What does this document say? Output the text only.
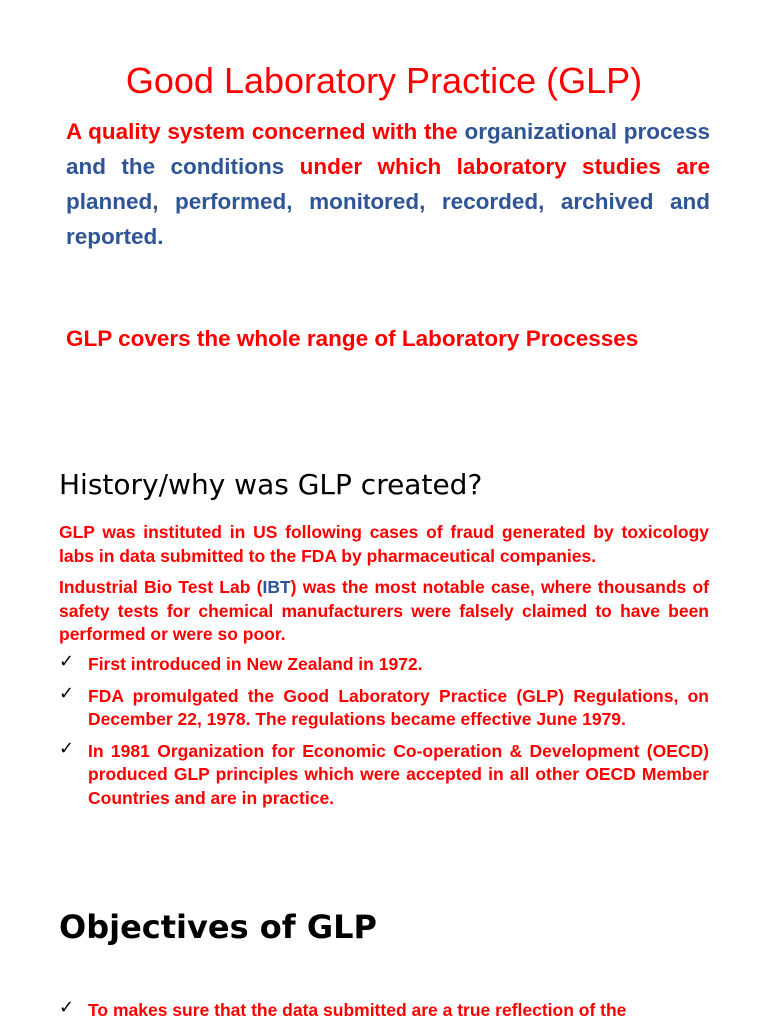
Good Laboratory Practice (GLP)

A quality system concerned with the organizational process and the conditions under which laboratory studies are planned, performed, monitored, recorded, archived and reported.

GLP covers the whole range of Laboratory Processes

History/why was GLP created?

GLP was instituted in US following cases of fraud generated by toxicology labs in data submitted to the FDA by pharmaceutical companies.

Industrial Bio Test Lab (IBT) was the most notable case, where thousands of safety tests for chemical manufacturers were falsely claimed to have been performed or were so poor.

✓ First introduced in New Zealand in 1972.
✓ FDA promulgated the Good Laboratory Practice (GLP) Regulations, on December 22, 1978. The regulations became effective June 1979.
✓ In 1981 Organization for Economic Co-operation & Development (OECD) produced GLP principles which were accepted in all other OECD Member Countries and are in practice.
Objectives of GLP
✓ To makes sure that the data submitted are a true reflection of the
